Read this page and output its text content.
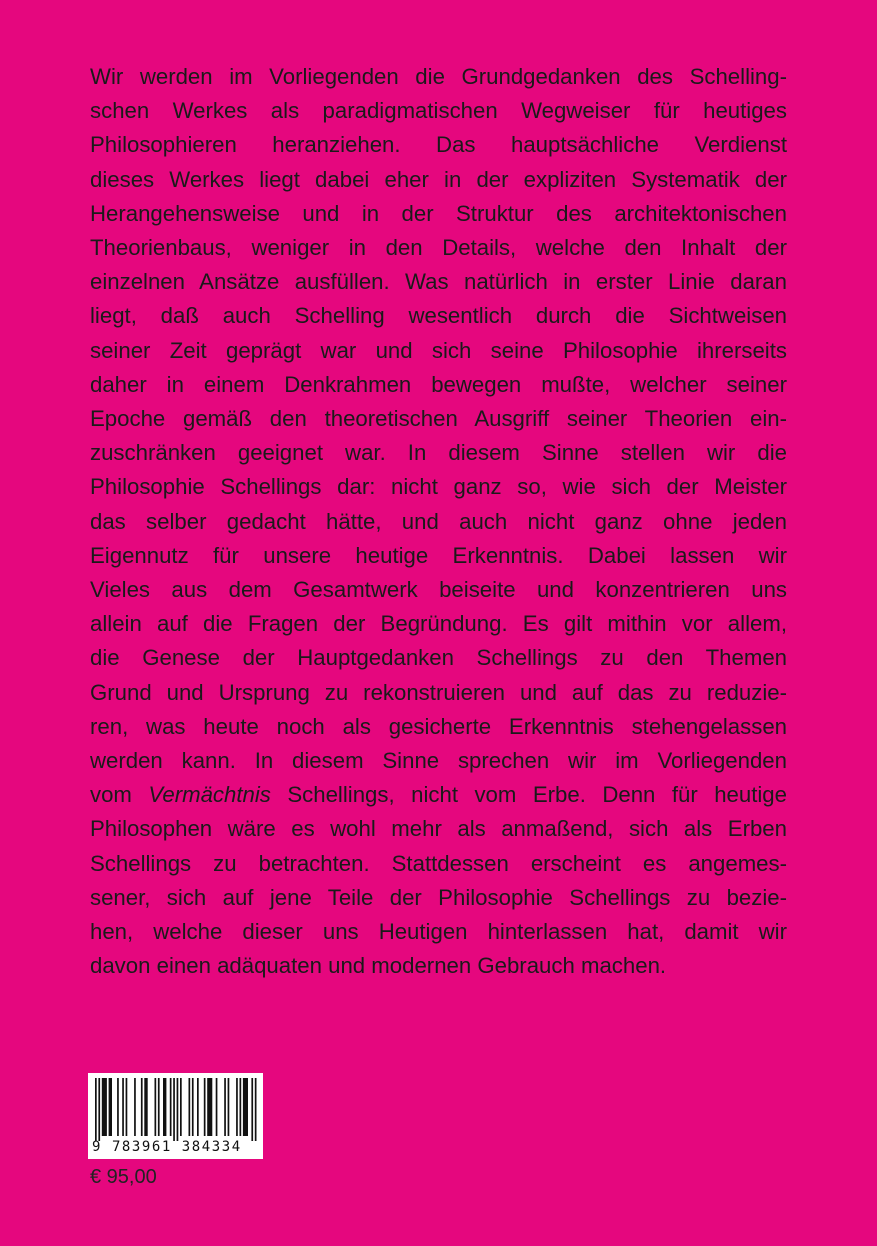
Wir werden im Vorliegenden die Grundgedanken des Schelling-
schen Werkes als paradigmatischen Wegweiser für heutiges
Philosophieren heranziehen. Das hauptsächliche Verdienst
dieses Werkes liegt dabei eher in der expliziten Systematik der
Herangehensweise und in der Struktur des architektonischen
Theorienbaus, weniger in den Details, welche den Inhalt der
einzelnen Ansätze ausfüllen. Was natürlich in erster Linie daran
liegt, daß auch Schelling wesentlich durch die Sichtweisen
seiner Zeit geprägt war und sich seine Philosophie ihrerseits
daher in einem Denkrahmen bewegen mußte, welcher seiner
Epoche gemäß den theoretischen Ausgriff seiner Theorien ein-
zuschränken geeignet war. In diesem Sinne stellen wir die
Philosophie Schellings dar: nicht ganz so, wie sich der Meister
das selber gedacht hätte, und auch nicht ganz ohne jeden
Eigennutz für unsere heutige Erkenntnis. Dabei lassen wir
Vieles aus dem Gesamtwerk beiseite und konzentrieren uns
allein auf die Fragen der Begründung. Es gilt mithin vor allem,
die Genese der Hauptgedanken Schellings zu den Themen
Grund und Ursprung zu rekonstruieren und auf das zu reduzie-
ren, was heute noch als gesicherte Erkenntnis stehengelassen
werden kann. In diesem Sinne sprechen wir im Vorliegenden
vom Vermächtnis Schellings, nicht vom Erbe. Denn für heutige
Philosophen wäre es wohl mehr als anmaßend, sich als Erben
Schellings zu betrachten. Stattdessen erscheint es angemes-
sener, sich auf jene Teile der Philosophie Schellings zu bezie-
hen, welche dieser uns Heutigen hinterlassen hat, damit wir
davon einen adäquaten und modernen Gebrauch machen.

9 783961 384334
€ 95,00
